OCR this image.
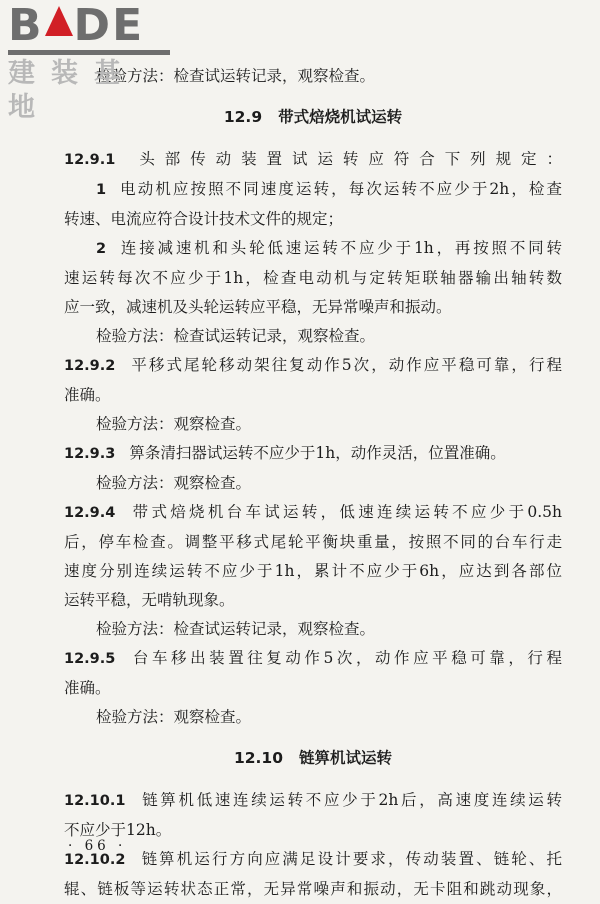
B DE
建装基地
检验方法：检查试运转记录，观察检查。
12.9 带式焙烧机试运转
12.9.1 头部传动装置试运转应符合下列规定：
1 电动机应按照不同速度运转，每次运转不应少于2h，检查
转速、电流应符合设计技术文件的规定；
2 连接减速机和头轮低速运转不应少于1h，再按照不同转
速运转每次不应少于1h，检查电动机与定转矩联轴器输出轴转数
应一致，减速机及头轮运转应平稳，无异常噪声和振动。
检验方法：检查试运转记录，观察检查。
12.9.2 平移式尾轮移动架往复动作5次，动作应平稳可靠，行程
准确。
检验方法：观察检查。
12.9.3 箅条清扫器试运转不应少于1h，动作灵活，位置准确。
检验方法：观察检查。
12.9.4 带式焙烧机台车试运转，低速连续运转不应少于0.5h
后，停车检查。调整平移式尾轮平衡块重量，按照不同的台车行走
速度分别连续运转不应少于1h，累计不应少于6h，应达到各部位
运转平稳，无啃轨现象。
检验方法：检查试运转记录，观察检查。
12.9.5 台车移出装置往复动作5次，动作应平稳可靠，行程
准确。
检验方法：观察检查。
12.10 链箅机试运转
12.10.1 链箅机低速连续运转不应少于2h后，高速度连续运转
不应少于12h。
12.10.2 链箅机运行方向应满足设计要求，传动装置、链轮、托
辊、链板等运转状态正常，无异常噪声和振动，无卡阻和跳动现象，
· 66 ·
